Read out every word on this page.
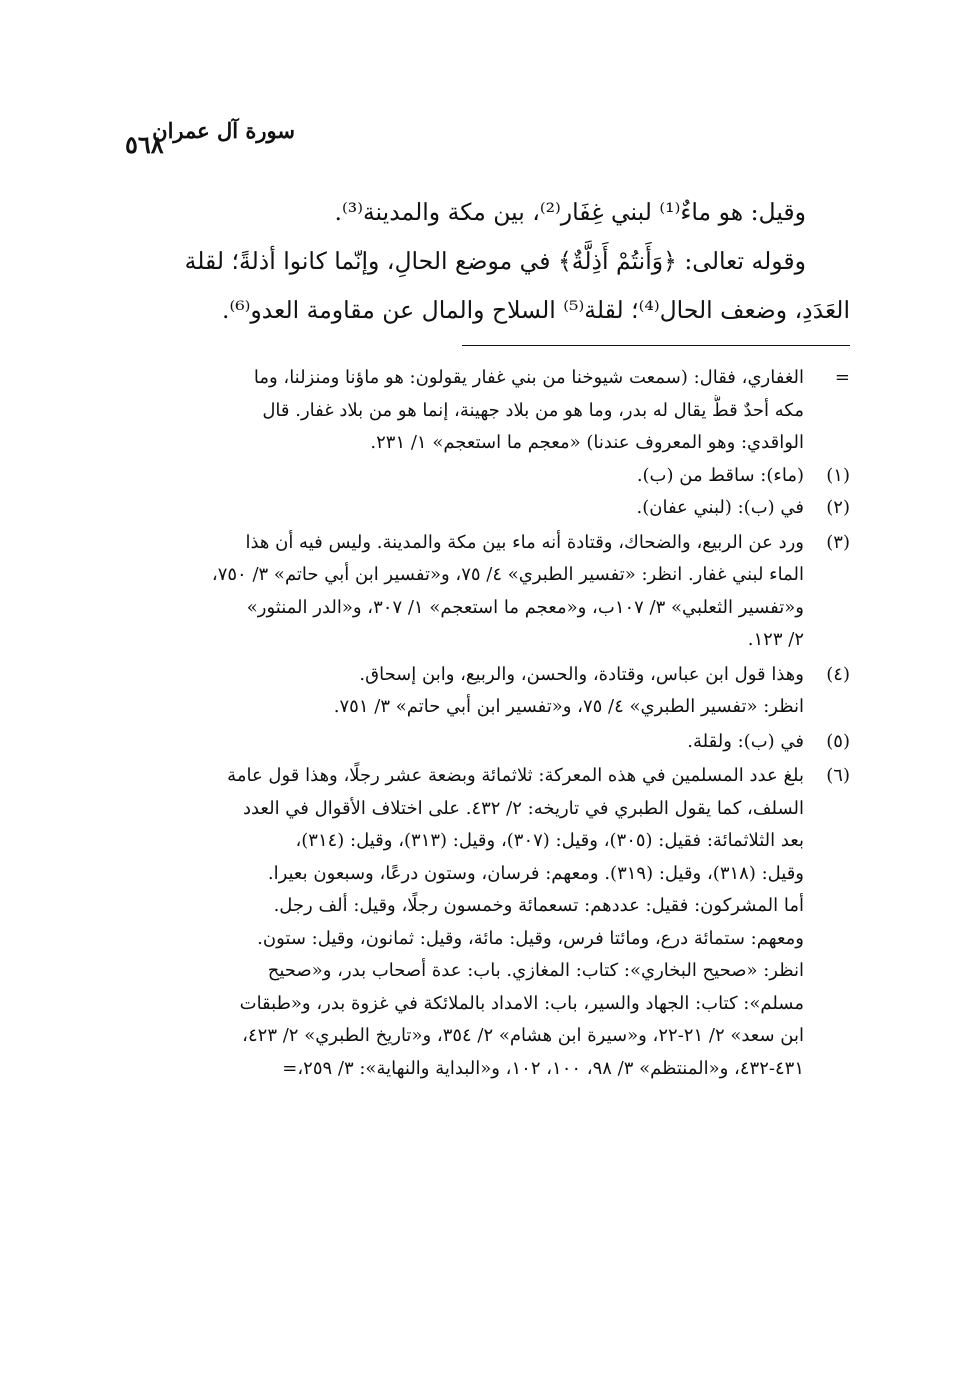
سورة آل عمران
٥٦٨

وقيل: هو ماءٌ⁽¹⁾ لبني غِفَار⁽²⁾، بين مكة والمدينة⁽³⁾.

وقوله تعالى: ﴿وَأَنتُمْ أَذِلَّةٌ﴾ في موضع الحالِ، وإنّما كانوا أذلةً؛ لقلة

العَدَدِ، وضعف الحال⁽⁴⁾؛ لقلة⁽⁵⁾ السلاح والمال عن مقاومة العدو⁽⁶⁾.

=
الغفاري، فقال: (سمعت شيوخنا من بني غفار يقولون: هو ماؤنا ومنزلنا، وما
مكه أحدٌ قطُّ يقال له بدر، وما هو من بلاد جهينة، إنما هو من بلاد غفار. قال
الواقدي: وهو المعروف عندنا) «معجم ما استعجم» ١/ ٢٣١.
(١)
(ماء): ساقط من (ب).
(٢)
في (ب): (لبني عفان).
(٣)
ورد عن الربيع، والضحاك، وقتادة أنه ماء بين مكة والمدينة. وليس فيه أن هذا
الماء لبني غفار. انظر: «تفسير الطبري» ٤/ ٧٥، و«تفسير ابن أبي حاتم» ٣/ ٧٥٠،
و«تفسير الثعلبي» ٣/ ١٠٧ب، و«معجم ما استعجم» ١/ ٣٠٧، و«الدر المنثور»
٢/ ١٢٣.
(٤)
وهذا قول ابن عباس، وقتادة، والحسن، والربيع، وابن إسحاق.
انظر: «تفسير الطبري» ٤/ ٧٥، و«تفسير ابن أبي حاتم» ٣/ ٧٥١.
(٥)
في (ب): ولقلة.
(٦)
بلغ عدد المسلمين في هذه المعركة: ثلاثمائة وبضعة عشر رجلًا، وهذا قول عامة
السلف، كما يقول الطبري في تاريخه: ٢/ ٤٣٢. على اختلاف الأقوال في العدد
بعد الثلاثمائة: فقيل: (٣٠٥)، وقيل: (٣٠٧)، وقيل: (٣١٣)، وقيل: (٣١٤)،
وقيل: (٣١٨)، وقيل: (٣١٩). ومعهم: فرسان، وستون درعًا، وسبعون بعيرا.
أما المشركون: فقيل: عددهم: تسعمائة وخمسون رجلًا، وقيل: ألف رجل.
ومعهم: ستمائة درع، ومائتا فرس، وقيل: مائة، وقيل: ثمانون، وقيل: ستون.
انظر: «صحيح البخاري»: كتاب: المغازي. باب: عدة أصحاب بدر، و«صحيح
مسلم»: كتاب: الجهاد والسير، باب: الامداد بالملائكة في غزوة بدر، و«طبقات
ابن سعد» ٢/ ٢١-٢٢، و«سيرة ابن هشام» ٢/ ٣٥٤، و«تاريخ الطبري» ٢/ ٤٢٣،
٤٣١-٤٣٢، و«المنتظم» ٣/ ٩٨، ١٠٠، ١٠٢، و«البداية والنهاية»: ٣/ ٢٥٩،=
